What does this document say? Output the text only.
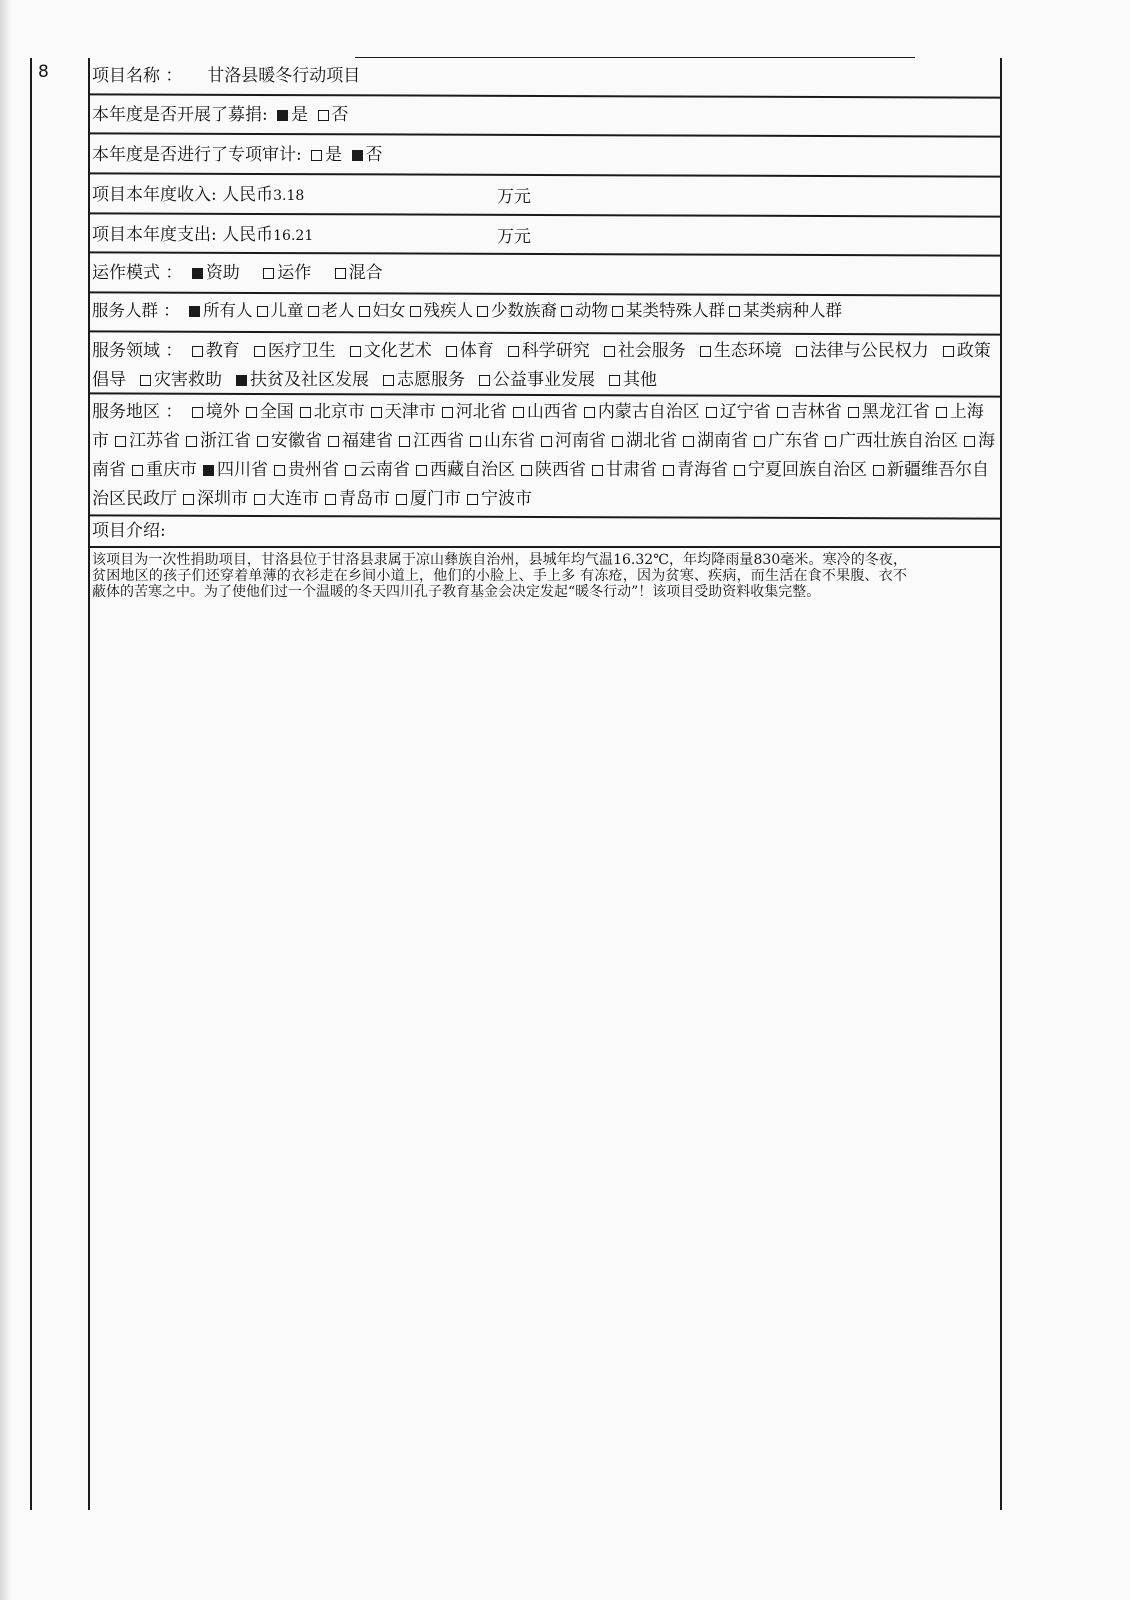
8	项目名称 ： 甘洛县暖冬行动项目
本年度是否开展了募捐: 是 否
本年度是否进行了专项审计: 是 否
项目本年度收入: 人民币3.18	万元
项目本年度支出: 人民币16.21	万元
运作模式 ： 资助 运作 混合
服务人群 ： 所有人 儿童 老人 妇女 残疾人 少数族裔 动物 某类特殊人群 某类病种人群
服务领域 ： 教育 医疗卫生 文化艺术 体育 科学研究 社会服务 生态环境 法律与公民权力 政策倡导 灾害救助 扶贫及社区发展 志愿服务 公益事业发展 其他
服务地区 ： 境外 全国 北京市 天津市 河北省 山西省 内蒙古自治区 辽宁省 吉林省 黑龙江省 上海市 江苏省 浙江省 安徽省 福建省 江西省 山东省 河南省 湖北省 湖南省 广东省 广西壮族自治区 海南省 重庆市 四川省 贵州省 云南省 西藏自治区 陕西省 甘肃省 青海省 宁夏回族自治区 新疆维吾尔自治区民政厅 深圳市 大连市 青岛市 厦门市 宁波市
项目介绍:
该项目为一次性捐助项目，甘洛县位于甘洛县隶属于凉山彝族自治州，县城年均气温16.32℃，年均降雨量830毫米。寒冷的冬夜，贫困地区的孩子们还穿着单薄的衣衫走在乡间小道上，他们的小脸上、手上多 有冻疮，因为贫寒、疾病，而生活在食不果腹、衣不蔽体的苦寒之中。为了使他们过一个温暖的冬天四川孔子教育基金会决定发起“暖冬行动”！该项目受助资料收集完整。
